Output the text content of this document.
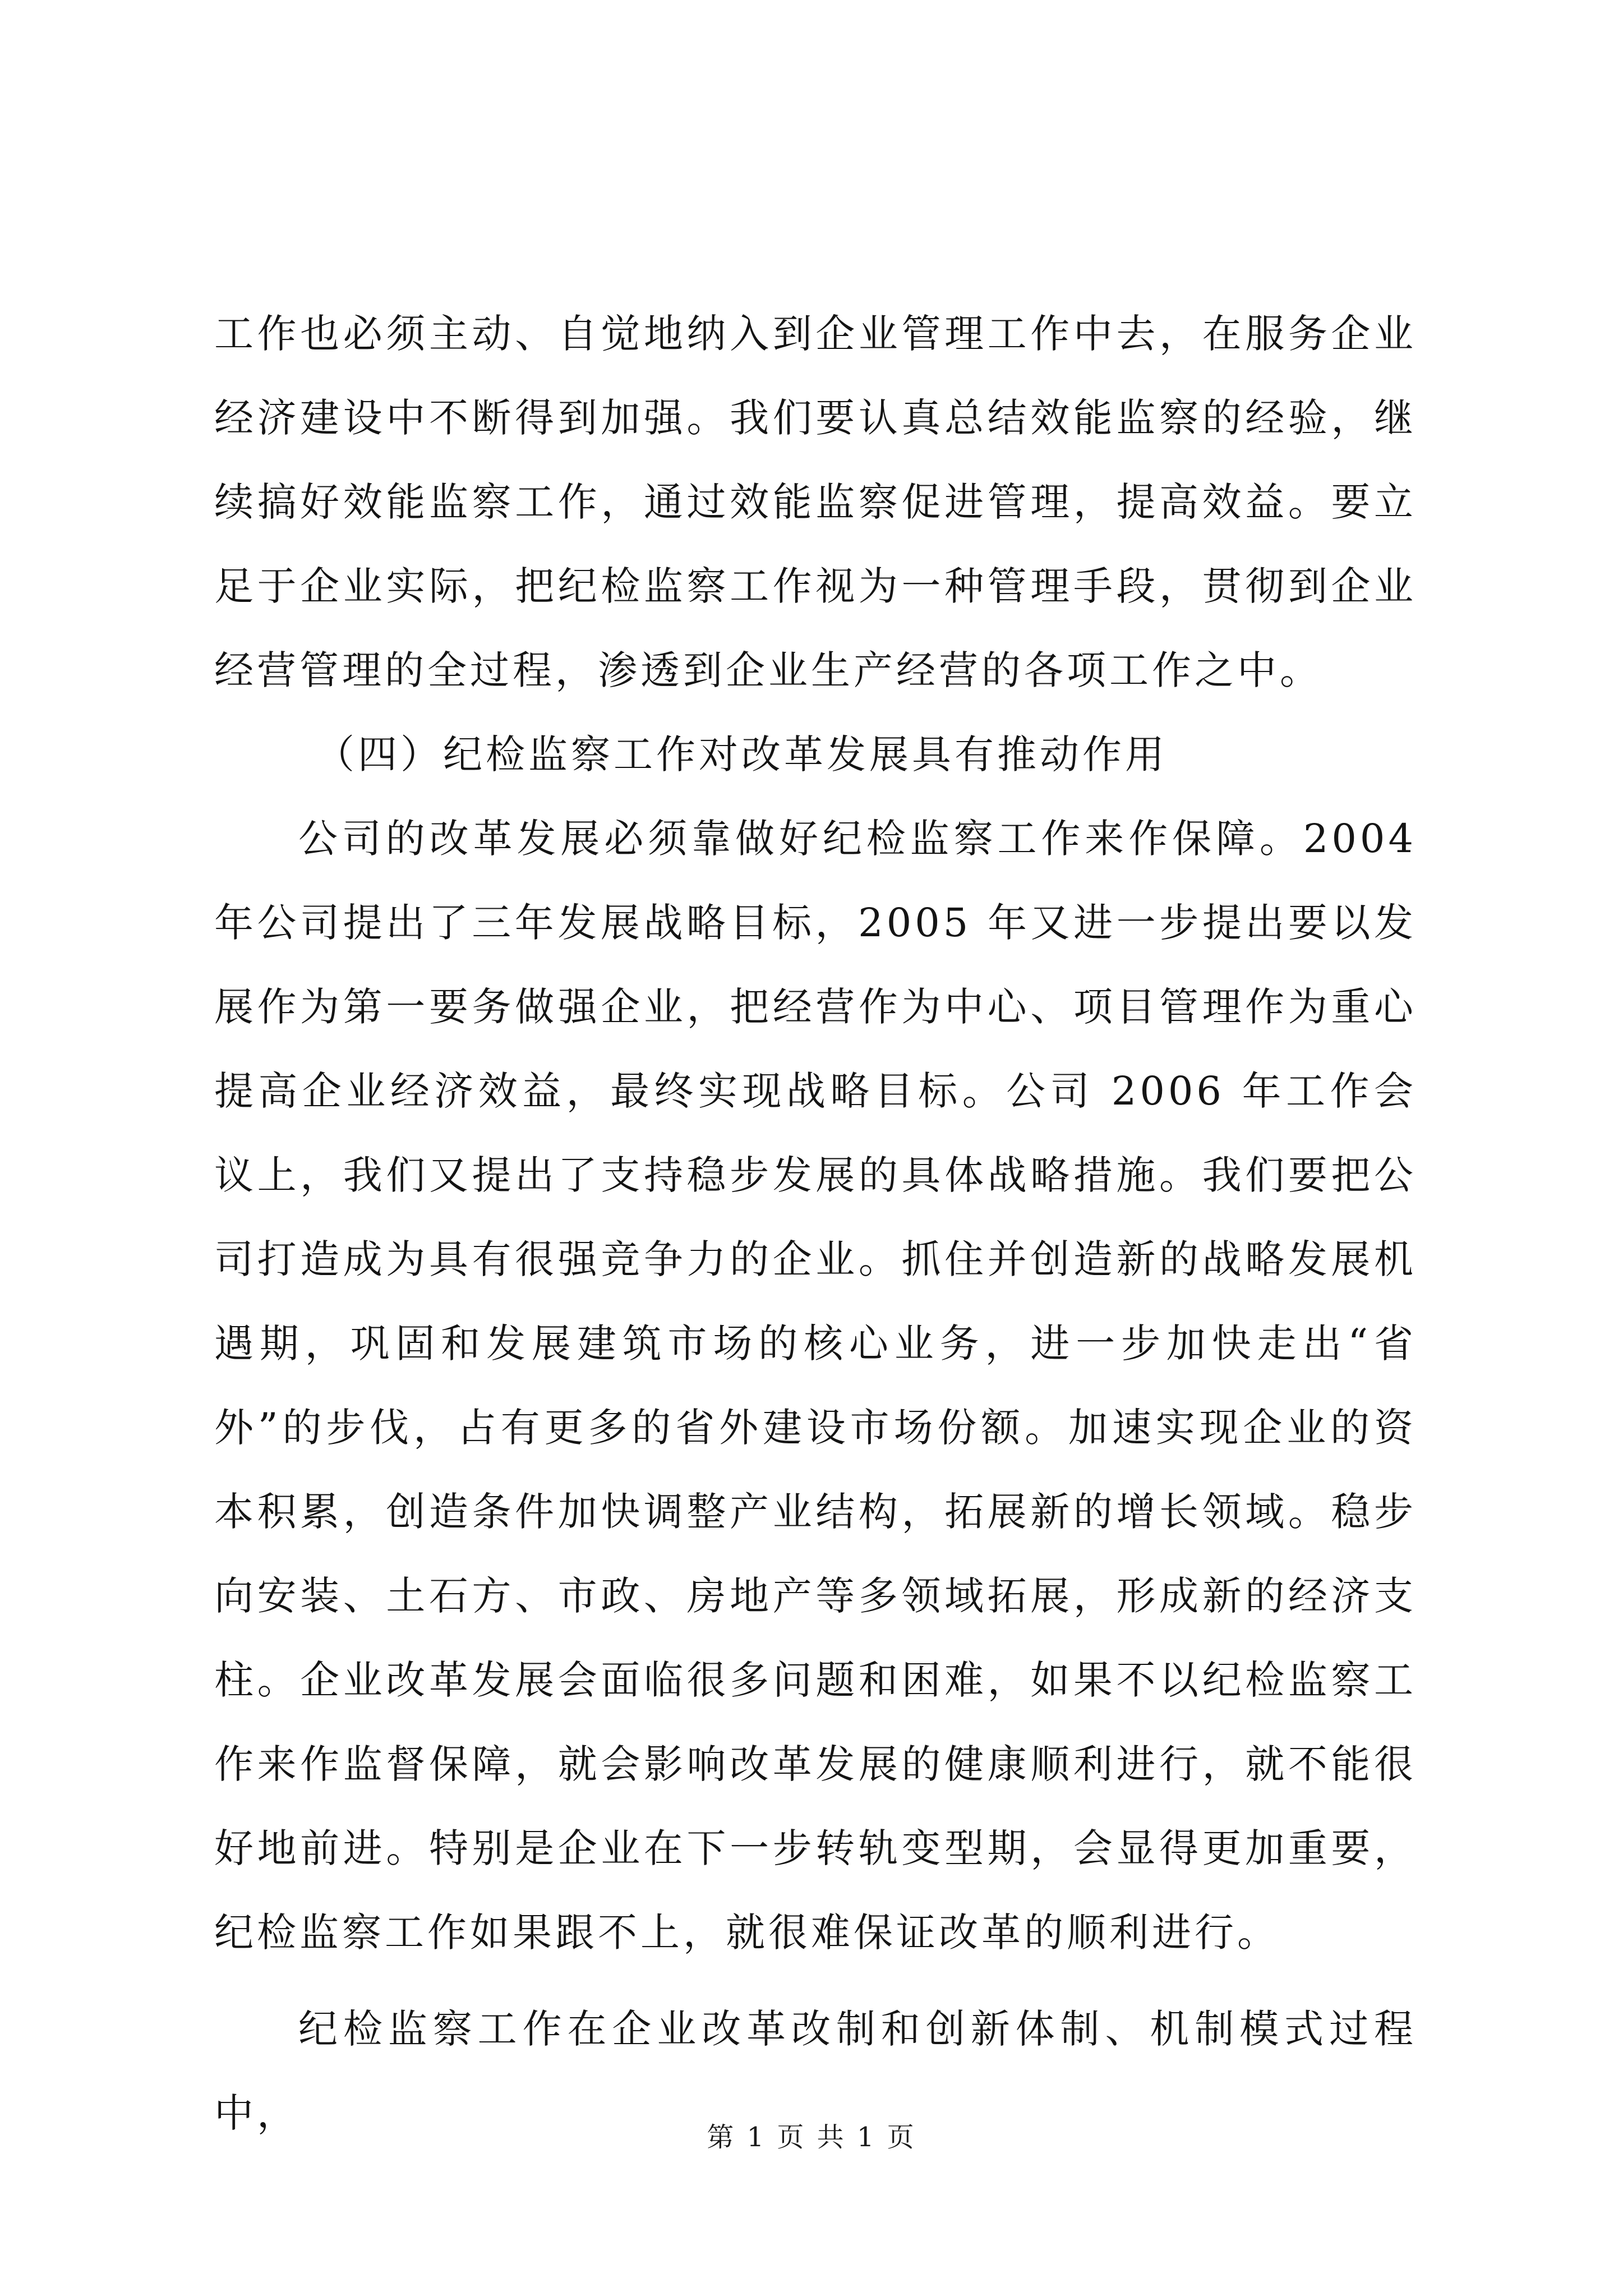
工作也必须主动、自觉地纳入到企业管理工作中去，在服务企业经济建设中不断得到加强。我们要认真总结效能监察的经验，继续搞好效能监察工作，通过效能监察促进管理，提高效益。要立足于企业实际，把纪检监察工作视为一种管理手段，贯彻到企业经营管理的全过程，渗透到企业生产经营的各项工作之中。

（四）纪检监察工作对改革发展具有推动作用

公司的改革发展必须靠做好纪检监察工作来作保障。2004 年公司提出了三年发展战略目标，2005 年又进一步提出要以发展作为第一要务做强企业，把经营作为中心、项目管理作为重心提高企业经济效益，最终实现战略目标。公司 2006 年工作会议上，我们又提出了支持稳步发展的具体战略措施。我们要把公司打造成为具有很强竞争力的企业。抓住并创造新的战略发展机遇期，巩固和发展建筑市场的核心业务，进一步加快走出“省外”的步伐，占有更多的省外建设市场份额。加速实现企业的资本积累，创造条件加快调整产业结构，拓展新的增长领域。稳步向安装、土石方、市政、房地产等多领域拓展，形成新的经济支柱。企业改革发展会面临很多问题和困难，如果不以纪检监察工作来作监督保障，就会影响改革发展的健康顺利进行，就不能很好地前进。特别是企业在下一步转轨变型期，会显得更加重要，纪检监察工作如果跟不上，就很难保证改革的顺利进行。

纪检监察工作在企业改革改制和创新体制、机制模式过程中，

第 1 页 共 1 页
